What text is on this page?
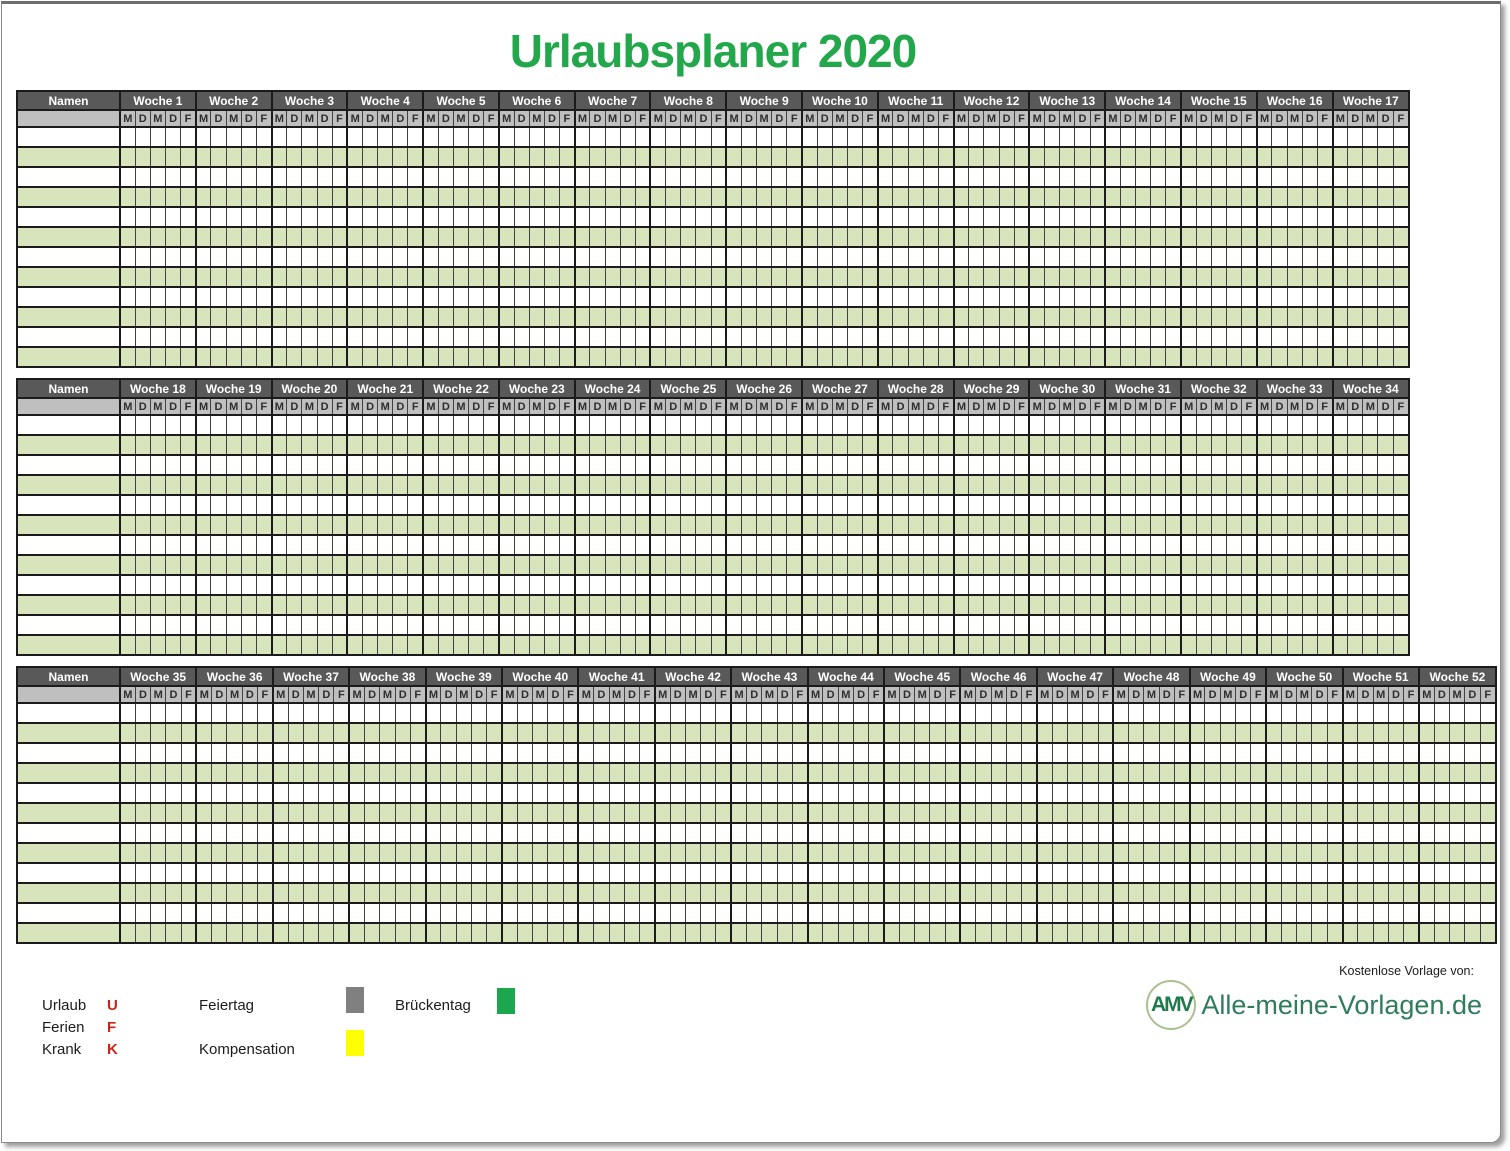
Urlaubsplaner 2020
Namen	Woche 1	Woche 2	Woche 3	Woche 4	Woche 5	Woche 6	Woche 7	Woche 8	Woche 9	Woche 10	Woche 11	Woche 12	Woche 13	Woche 14	Woche 15	Woche 16	Woche 17
	M	D	M	D	F	M	D	M	D	F	M	D	M	D	F	M	D	M	D	F	M	D	M	D	F	M	D	M	D	F	M	D	M	D	F	M	D	M	D	F	M	D	M	D	F	M	D	M	D	F	M	D	M	D	F	M	D	M	D	F	M	D	M	D	F	M	D	M	D	F	M	D	M	D	F	M	D	M	D	F	M	D	M	D	F

Namen	Woche 18	Woche 19	Woche 20	Woche 21	Woche 22	Woche 23	Woche 24	Woche 25	Woche 26	Woche 27	Woche 28	Woche 29	Woche 30	Woche 31	Woche 32	Woche 33	Woche 34
	M	D	M	D	F	M	D	M	D	F	M	D	M	D	F	M	D	M	D	F	M	D	M	D	F	M	D	M	D	F	M	D	M	D	F	M	D	M	D	F	M	D	M	D	F	M	D	M	D	F	M	D	M	D	F	M	D	M	D	F	M	D	M	D	F	M	D	M	D	F	M	D	M	D	F	M	D	M	D	F	M	D	M	D	F

Namen	Woche 35	Woche 36	Woche 37	Woche 38	Woche 39	Woche 40	Woche 41	Woche 42	Woche 43	Woche 44	Woche 45	Woche 46	Woche 47	Woche 48	Woche 49	Woche 50	Woche 51	Woche 52
	M	D	M	D	F	M	D	M	D	F	M	D	M	D	F	M	D	M	D	F	M	D	M	D	F	M	D	M	D	F	M	D	M	D	F	M	D	M	D	F	M	D	M	D	F	M	D	M	D	F	M	D	M	D	F	M	D	M	D	F	M	D	M	D	F	M	D	M	D	F	M	D	M	D	F	M	D	M	D	F	M	D	M	D	F	M	D	M	D	F

Urlaub U
Ferien F
Krank K
Feiertag
Kompensation
Brückentag
Kostenlose Vorlage von:
AMV Alle-meine-Vorlagen.de
